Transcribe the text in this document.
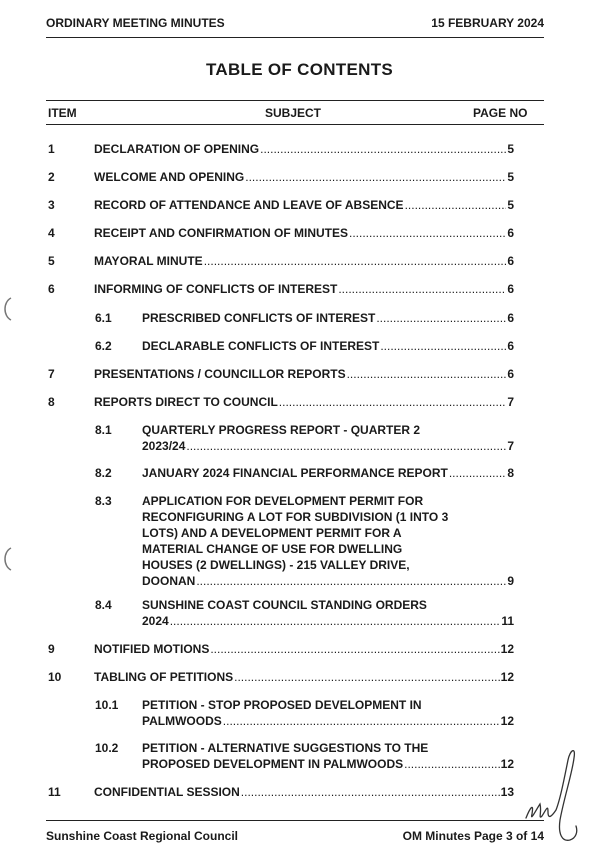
ORDINARY MEETING MINUTES	15 FEBRUARY 2024
TABLE OF CONTENTS
ITEM	SUBJECT	PAGE NO
1	DECLARATION OF OPENING .....	5
2	WELCOME AND OPENING .....	5
3	RECORD OF ATTENDANCE AND LEAVE OF ABSENCE .....	5
4	RECEIPT AND CONFIRMATION OF MINUTES .....	6
5	MAYORAL MINUTE .....	6
6	INFORMING OF CONFLICTS OF INTEREST .....	6
6.1	PRESCRIBED CONFLICTS OF INTEREST .....	6
6.2	DECLARABLE CONFLICTS OF INTEREST .....	6
7	PRESENTATIONS / COUNCILLOR REPORTS .....	6
8	REPORTS DIRECT TO COUNCIL .....	7
8.1	QUARTERLY PROGRESS REPORT - QUARTER 2
2023/24 .....	7
8.2	JANUARY 2024 FINANCIAL PERFORMANCE REPORT .....	8
8.3	APPLICATION FOR DEVELOPMENT PERMIT FOR
RECONFIGURING A LOT FOR SUBDIVISION (1 INTO 3
LOTS) AND A DEVELOPMENT PERMIT FOR A
MATERIAL CHANGE OF USE FOR DWELLING
HOUSES (2 DWELLINGS) - 215 VALLEY DRIVE,
DOONAN .....	9
8.4	SUNSHINE COAST COUNCIL STANDING ORDERS
2024 .....	11
9	NOTIFIED MOTIONS .....	12
10	TABLING OF PETITIONS .....	12
10.1 PETITION - STOP PROPOSED DEVELOPMENT IN
PALMWOODS .....	12
10.2 PETITION - ALTERNATIVE SUGGESTIONS TO THE
PROPOSED DEVELOPMENT IN PALMWOODS .....	12
11	CONFIDENTIAL SESSION .....	13
Sunshine Coast Regional Council	OM Minutes Page 3 of 14
